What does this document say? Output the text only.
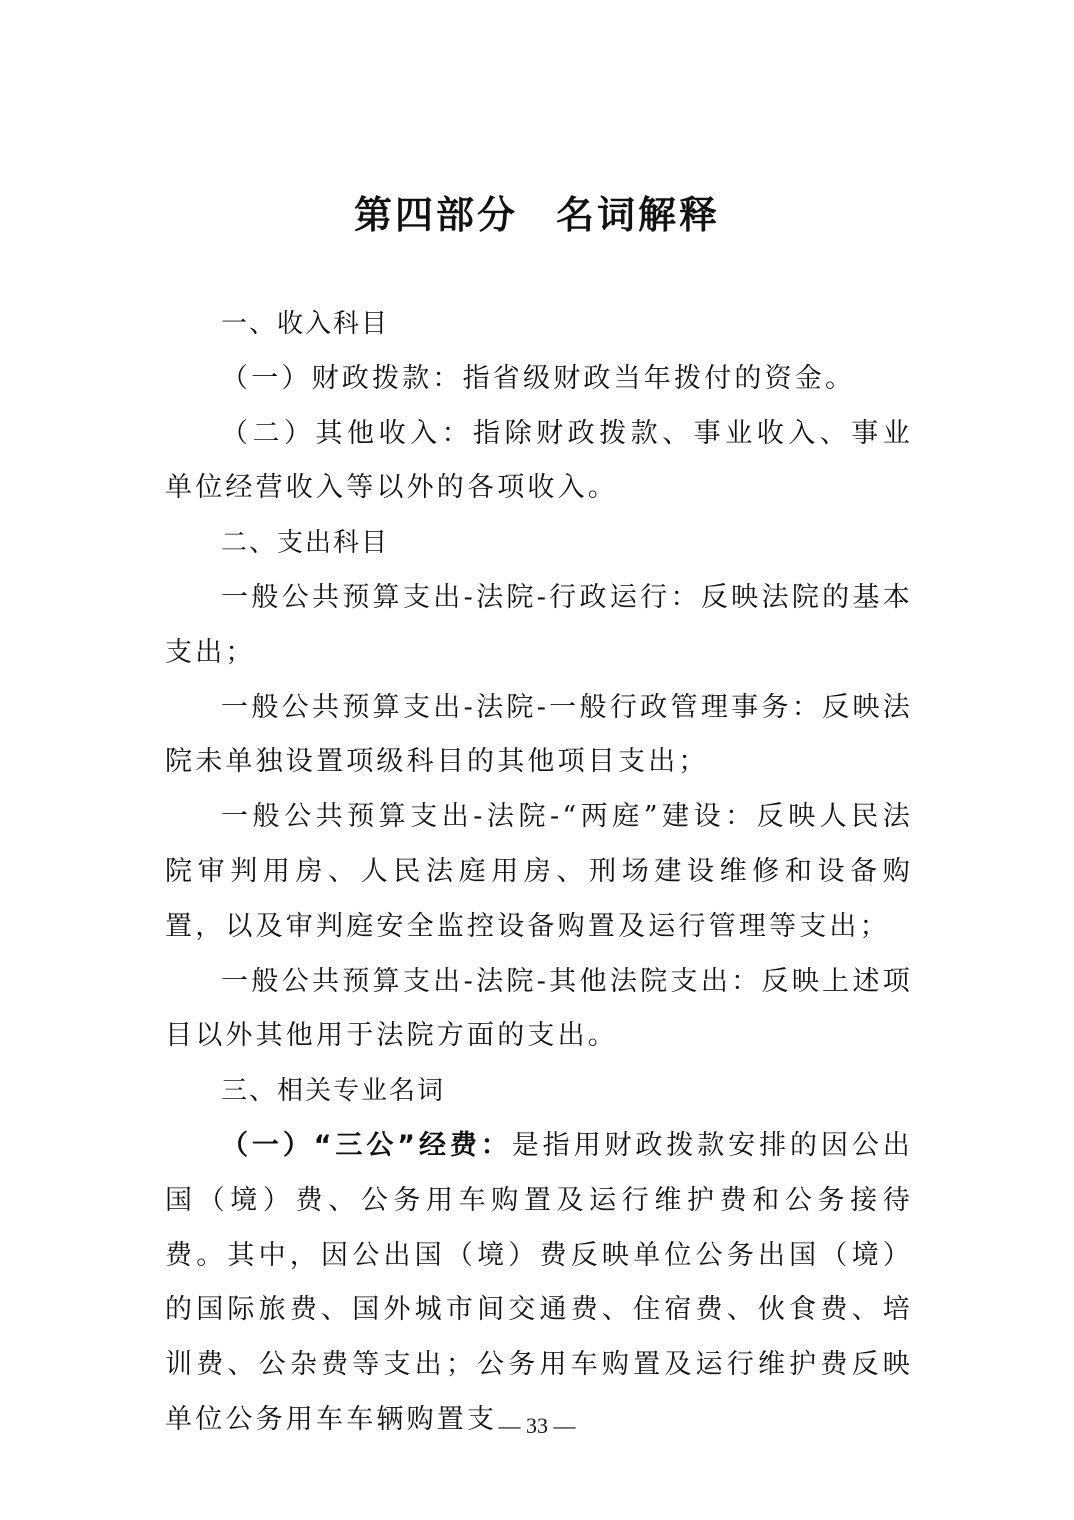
第四部分 名词解释

一、收入科目

（一）财政拨款：指省级财政当年拨付的资金。

（二）其他收入：指除财政拨款、事业收入、事业单位经营收入等以外的各项收入。

二、支出科目

一般公共预算支出-法院-行政运行：反映法院的基本支出；

一般公共预算支出-法院-一般行政管理事务：反映法院未单独设置项级科目的其他项目支出；

一般公共预算支出-法院-“两庭”建设：反映人民法院审判用房、人民法庭用房、刑场建设维修和设备购置，以及审判庭安全监控设备购置及运行管理等支出；

一般公共预算支出-法院-其他法院支出：反映上述项目以外其他用于法院方面的支出。

三、相关专业名词

（一）“三公”经费：是指用财政拨款安排的因公出国（境）费、公务用车购置及运行维护费和公务接待费。其中，因公出国（境）费反映单位公务出国（境）的国际旅费、国外城市间交通费、住宿费、伙食费、培训费、公杂费等支出；公务用车购置及运行维护费反映单位公务用车车辆购置支 — 33 —
